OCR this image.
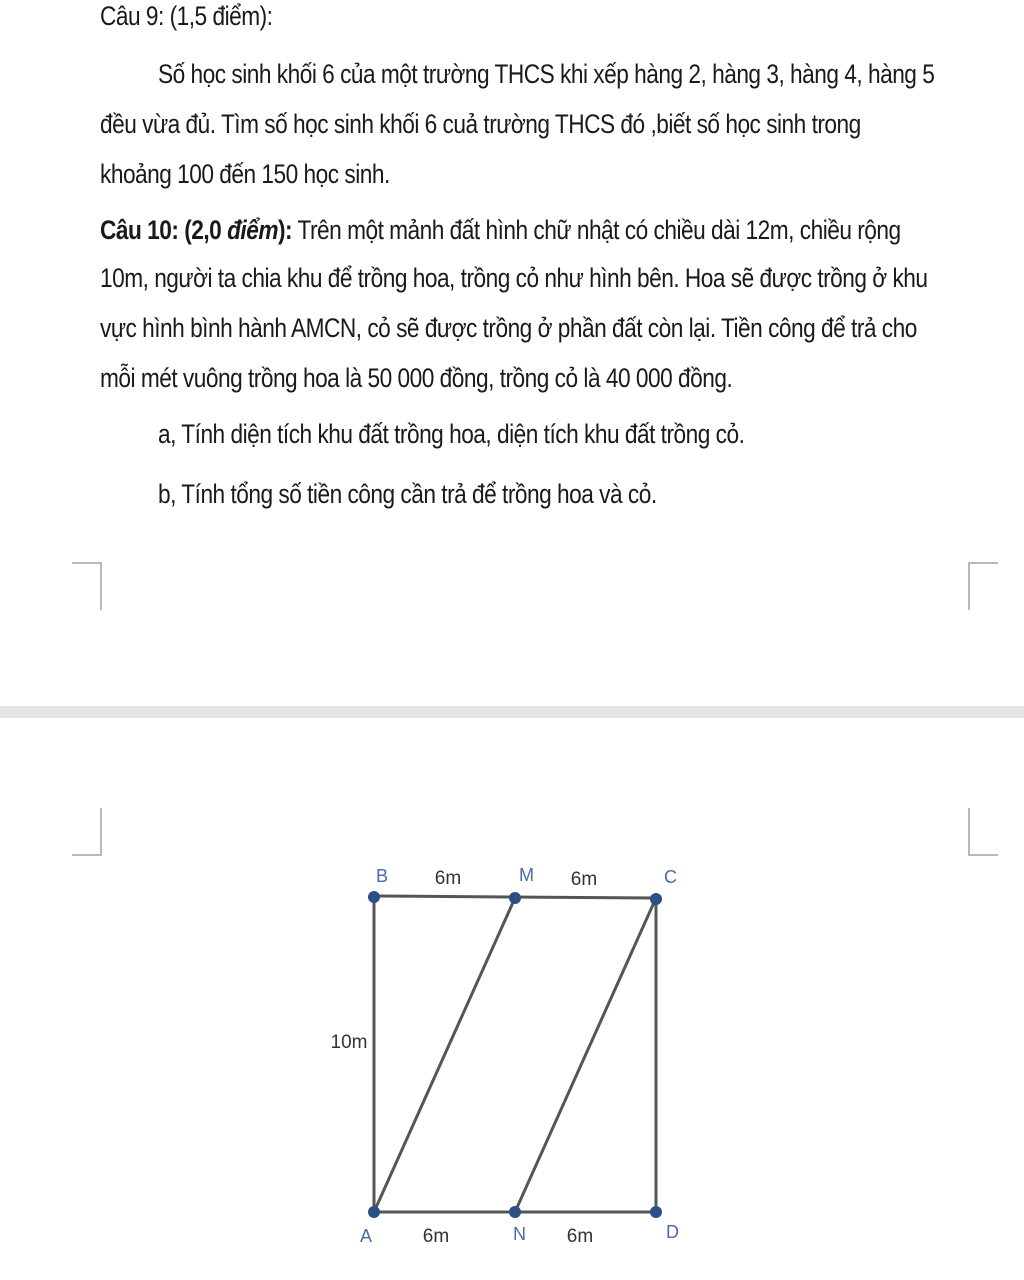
Câu 9: (1,5 điểm):
Số học sinh khối 6 của một trường THCS khi xếp hàng 2, hàng 3, hàng 4, hàng 5
đều vừa đủ. Tìm số học sinh khối 6 cuả trường THCS đó ,biết số học sinh trong
khoảng 100 đến 150 học sinh.
Câu 10: (2,0 điểm): Trên một mảnh đất hình chữ nhật có chiều dài 12m, chiều rộng
10m, người ta chia khu để trồng hoa, trồng cỏ như hình bên. Hoa sẽ được trồng ở khu
vực hình bình hành AMCN, cỏ sẽ được trồng ở phần đất còn lại. Tiền công để trả cho
mỗi mét vuông trồng hoa là 50 000 đồng, trồng cỏ là 40 000 đồng.
a, Tính diện tích khu đất trồng hoa, diện tích khu đất trồng cỏ.
b, Tính tổng số tiền công cần trả để trồng hoa và cỏ.
B	M	C
A	N	D
6m	6m
6m	6m
10m
